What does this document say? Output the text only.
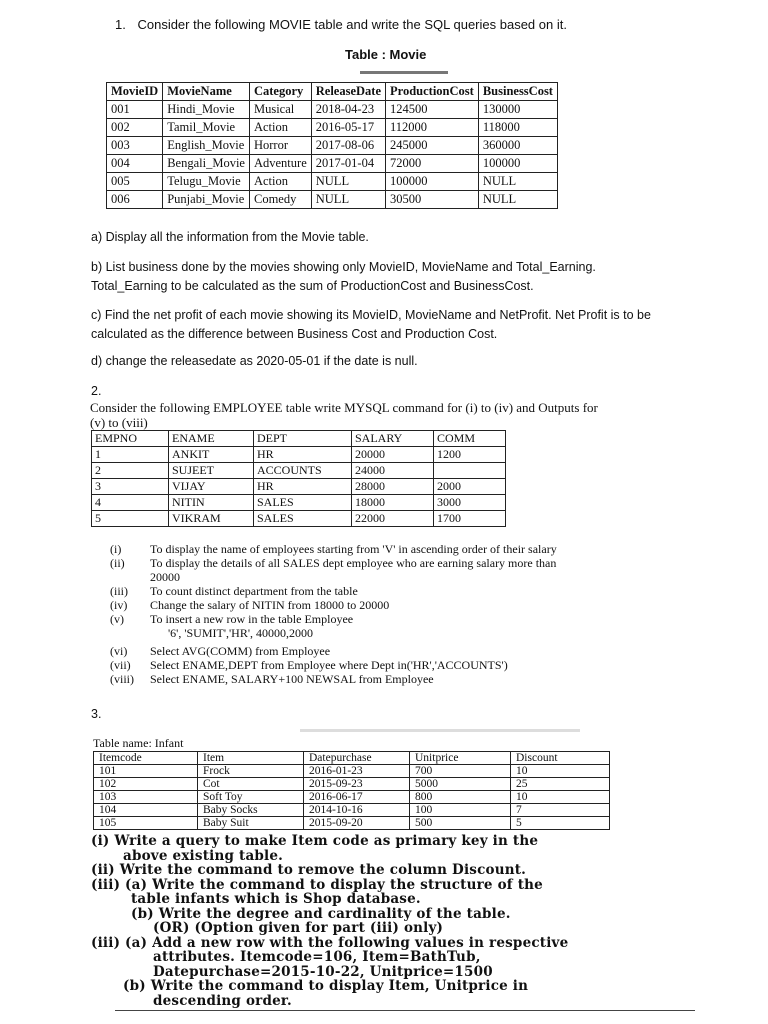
1. Consider the following MOVIE table and write the SQL queries based on it.
Table : Movie
MovieID	MovieName	Category	ReleaseDate	ProductionCost	BusinessCost
001	Hindi_Movie	Musical	2018-04-23	124500	130000
002	Tamil_Movie	Action	2016-05-17	112000	118000
003	English_Movie	Horror	2017-08-06	245000	360000
004	Bengali_Movie	Adventure	2017-01-04	72000	100000
005	Telugu_Movie	Action	NULL	100000	NULL
006	Punjabi_Movie	Comedy	NULL	30500	NULL
a) Display all the information from the Movie table.
b) List business done by the movies showing only MovieID, MovieName and Total_Earning.
Total_Earning to be calculated as the sum of ProductionCost and BusinessCost.
c) Find the net profit of each movie showing its MovieID, MovieName and NetProfit. Net Profit is to be
calculated as the difference between Business Cost and Production Cost.
d) change the releasedate as 2020-05-01 if the date is null.
2.
Consider the following EMPLOYEE table write MYSQL command for (i) to (iv) and Outputs for
(v) to (viii)
EMPNO	ENAME	DEPT	SALARY	COMM
1	ANKIT	HR	20000	1200
2	SUJEET	ACCOUNTS	24000	
3	VIJAY	HR	28000	2000
4	NITIN	SALES	18000	3000
5	VIKRAM	SALES	22000	1700
(i) To display the name of employees starting from 'V' in ascending order of their salary
(ii) To display the details of all SALES dept employee who are earning salary more than
20000
(iii) To count distinct department from the table
(iv) Change the salary of NITIN from 18000 to 20000
(v) To insert a new row in the table Employee
'6', 'SUMIT','HR', 40000,2000
(vi) Select AVG(COMM) from Employee
(vii) Select ENAME,DEPT from Employee where Dept in('HR','ACCOUNTS')
(viii) Select ENAME, SALARY+100 NEWSAL from Employee
3.
Table name: Infant
Itemcode	Item	Datepurchase	Unitprice	Discount
101	Frock	2016-01-23	700	10
102	Cot	2015-09-23	5000	25
103	Soft Toy	2016-06-17	800	10
104	Baby Socks	2014-10-16	100	7
105	Baby Suit	2015-09-20	500	5
(i) Write a query to make Item code as primary key in the
above existing table.
(ii) Write the command to remove the column Discount.
(iii) (a) Write the command to display the structure of the
table infants which is Shop database.
(b) Write the degree and cardinality of the table.
(OR) (Option given for part (iii) only)
(iii) (a) Add a new row with the following values in respective
attributes. Itemcode=106, Item=BathTub,
Datepurchase=2015-10-22, Unitprice=1500
(b) Write the command to display Item, Unitprice in
descending order.
